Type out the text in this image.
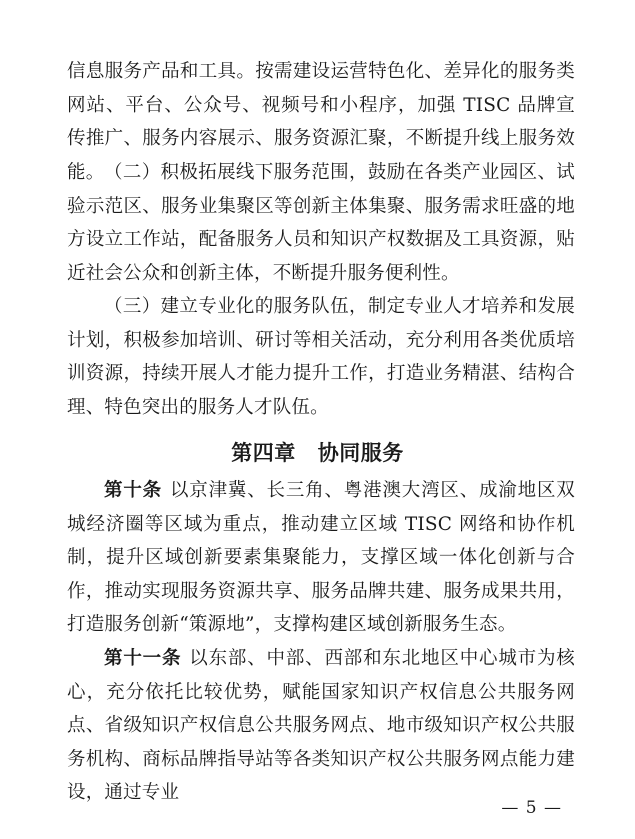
信息服务产品和工具。按需建设运营特色化、差异化的服务类网站、平台、公众号、视频号和小程序，加强 TISC 品牌宣传推广、服务内容展示、服务资源汇聚，不断提升线上服务效能。 （二）积极拓展线下服务范围，鼓励在各类产业园区、试验示范区、服务业集聚区等创新主体集聚、服务需求旺盛的地方设立工作站，配备服务人员和知识产权数据及工具资源，贴近社会公众和创新主体，不断提升服务便利性。

（三）建立专业化的服务队伍，制定专业人才培养和发展计划，积极参加培训、研讨等相关活动，充分利用各类优质培训资源，持续开展人才能力提升工作，打造业务精湛、结构合理、特色突出的服务人才队伍。

第四章 协同服务

第十条 以京津冀、长三角、粤港澳大湾区、成渝地区双城经济圈等区域为重点，推动建立区域 TISC 网络和协作机制，提升区域创新要素集聚能力，支撑区域一体化创新与合作，推动实现服务资源共享、服务品牌共建、服务成果共用，打造服务创新“策源地”，支撑构建区域创新服务生态。

第十一条 以东部、中部、西部和东北地区中心城市为核心，充分依托比较优势，赋能国家知识产权信息公共服务网点、省级知识产权信息公共服务网点、地市级知识产权公共服务机构、商标品牌指导站等各类知识产权公共服务网点能力建设，通过专业

— 5 —
